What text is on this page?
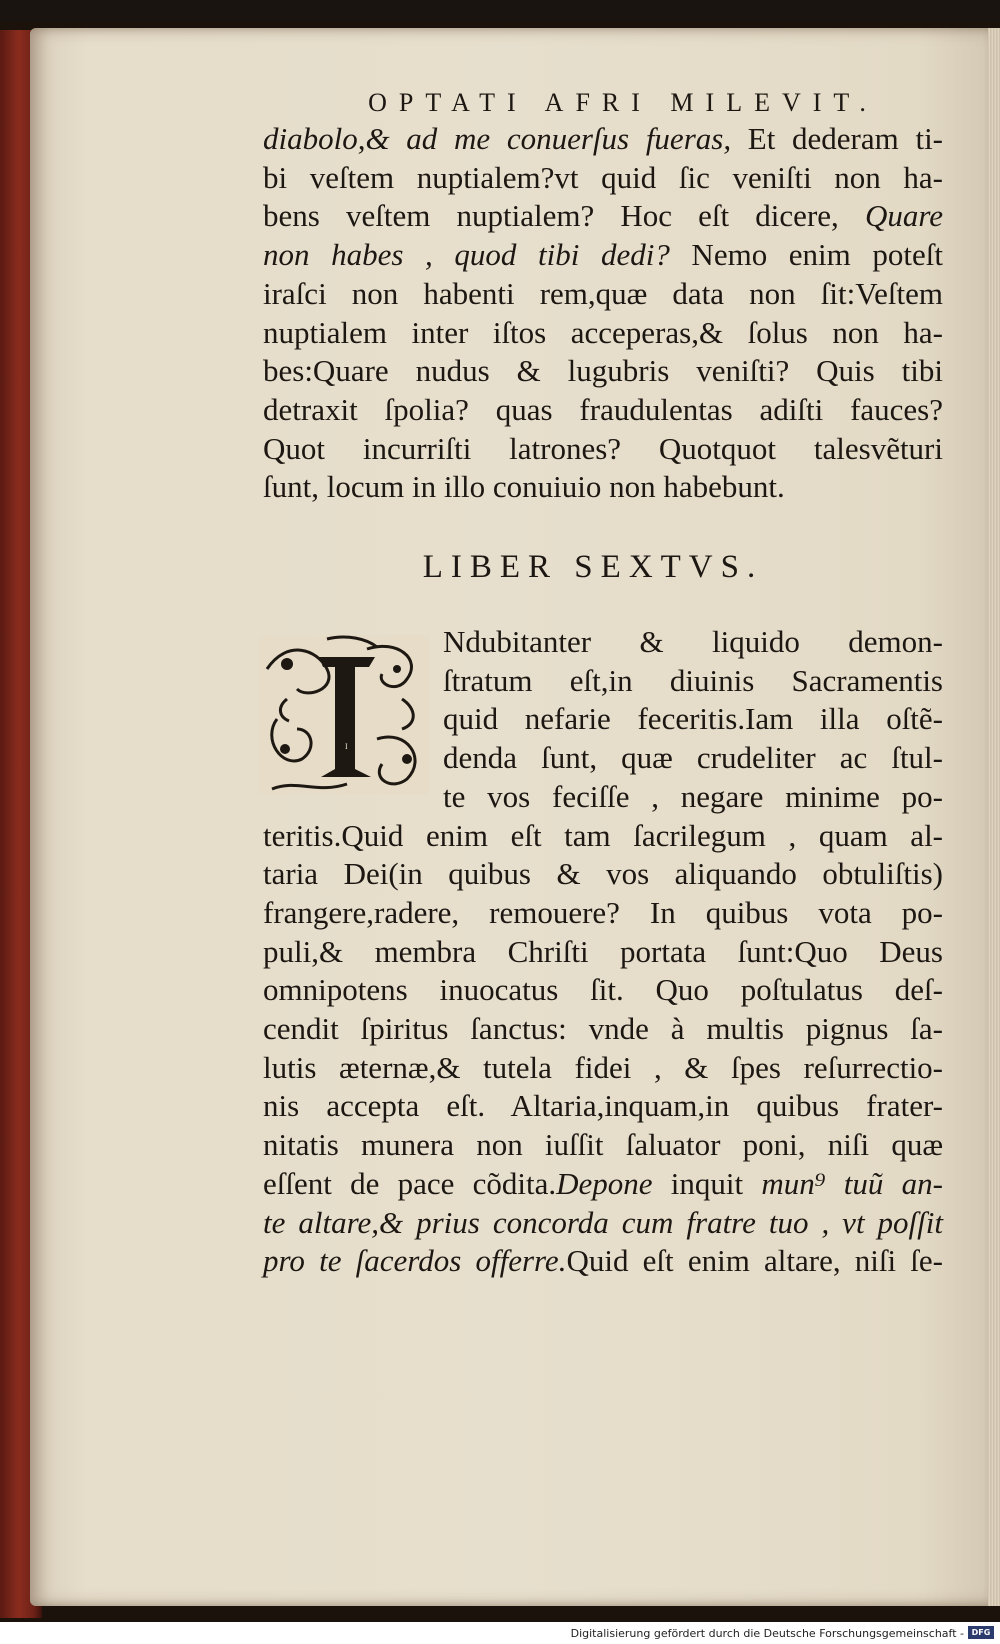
OPTATI AFRI MILEVIT.
diabolo,& ad me conuerſus fueras, Et dederam ti-
bi veſtem nuptialem?vt quid ſic veniſti non ha-
bens veſtem nuptialem? Hoc eſt dicere, Quare
non habes , quod tibi dedi? Nemo enim poteſt
iraſci non habenti rem,quæ data non ſit:Veſtem
nuptialem inter iſtos acceperas,& ſolus non ha-
bes:Quare nudus & lugubris veniſti? Quis tibi
detraxit ſpolia? quas fraudulentas adiſti fauces?
Quot incurriſti latrones? Quotquot talesvẽturi
ſunt, locum in illo conuiuio non habebunt.
LIBER SEXTVS.
I
Ndubitanter & liquido demon-
ſtratum eſt,in diuinis Sacramentis
quid nefarie feceritis.Iam illa oſtẽ-
denda ſunt, quæ crudeliter ac ſtul-
te vos feciſſe , negare minime po-
teritis.Quid enim eſt tam ſacrilegum , quam al-
taria Dei(in quibus & vos aliquando obtuliſtis)
frangere,radere, remouere? In quibus vota po-
puli,& membra Chriſti portata ſunt:Quo Deus
omnipotens inuocatus ſit. Quo poſtulatus deſ-
cendit ſpiritus ſanctus: vnde à multis pignus ſa-
lutis æternæ,& tutela fidei , & ſpes reſurrectio-
nis accepta eſt. Altaria,inquam,in quibus frater-
nitatis munera non iuſſit ſaluator poni, niſi quæ
eſſent de pace cõdita.Depone inquit mun⁹ tuũ an-
te altare,& prius concorda cum fratre tuo , vt poſſit
pro te ſacerdos offerre.Quid eſt enim altare, niſi ſe-
Digitalisierung gefördert durch die Deutsche Forschungsgemeinschaft - DFG
